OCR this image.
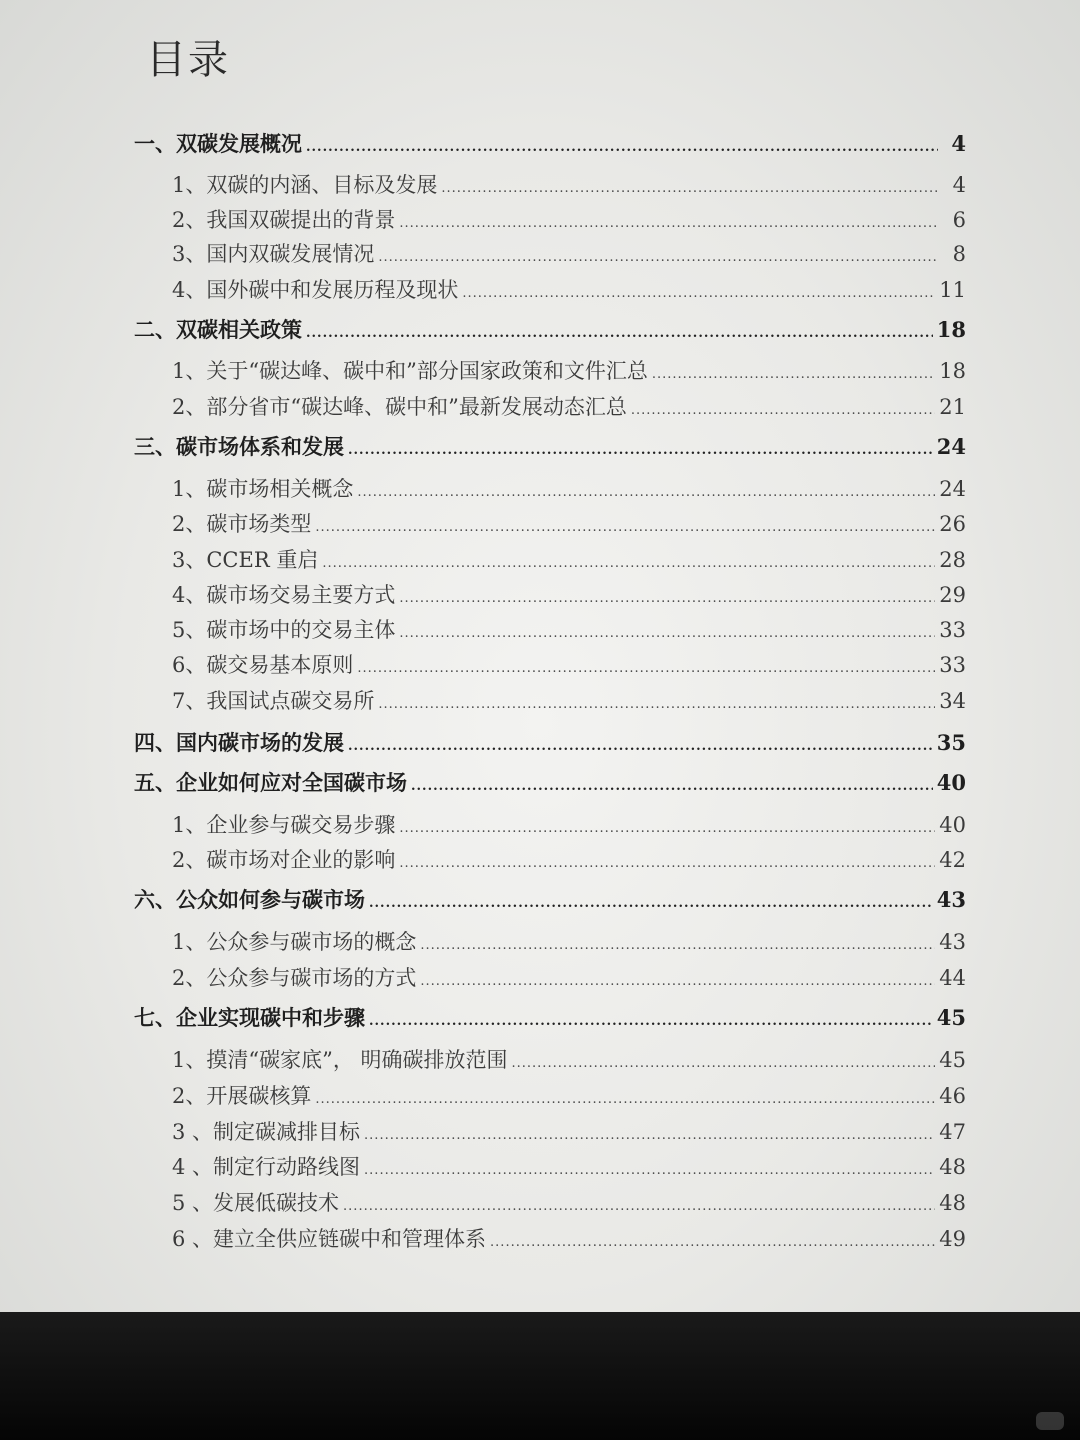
目录
一、双碳发展概况 .....	4
1、双碳的内涵、目标及发展 .....	4
2、我国双碳提出的背景 .....	6
3、国内双碳发展情况 .....	8
4、国外碳中和发展历程及现状 .....	11
二、双碳相关政策 .....	18
1、关于“碳达峰、碳中和”部分国家政策和文件汇总 .....	18
2、部分省市“碳达峰、碳中和”最新发展动态汇总 .....	21
三、碳市场体系和发展 .....	24
1、碳市场相关概念 .....	24
2、碳市场类型 .....	26
3、CCER 重启 .....	28
4、碳市场交易主要方式 .....	29
5、碳市场中的交易主体 .....	33
6、碳交易基本原则 .....	33
7、我国试点碳交易所 .....	34
四、国内碳市场的发展 .....	35
五、企业如何应对全国碳市场 .....	40
1、企业参与碳交易步骤 .....	40
2、碳市场对企业的影响 .....	42
六、公众如何参与碳市场 .....	43
1、公众参与碳市场的概念 .....	43
2、公众参与碳市场的方式 .....	44
七、企业实现碳中和步骤 .....	45
1、摸清“碳家底”， 明确碳排放范围 .....	45
2、开展碳核算 .....	46
3 、制定碳减排目标 .....	47
4 、制定行动路线图 .....	48
5 、发展低碳技术 .....	48
6 、建立全供应链碳中和管理体系 .....	49
